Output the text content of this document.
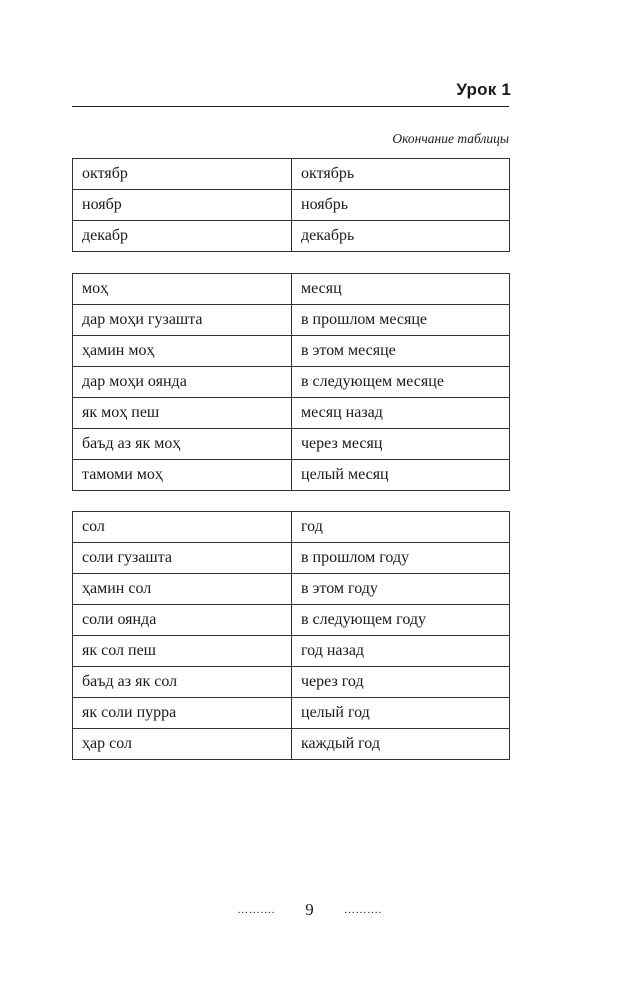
Урок 1
Окончание таблицы
октябр	октябрь
ноябр	ноябрь
декабр	декабрь
моҳ	месяц
дар моҳи гузашта	в прошлом месяце
ҳамин моҳ	в этом месяце
дар моҳи оянда	в следующем месяце
як моҳ пеш	месяц назад
баъд аз як моҳ	через месяц
тамоми моҳ	целый месяц
сол	год
соли гузашта	в прошлом году
ҳамин сол	в этом году
соли оянда	в следующем году
як сол пеш	год назад
баъд аз як сол	через год
як соли пурра	целый год
ҳар сол	каждый год
………. 9	……….
